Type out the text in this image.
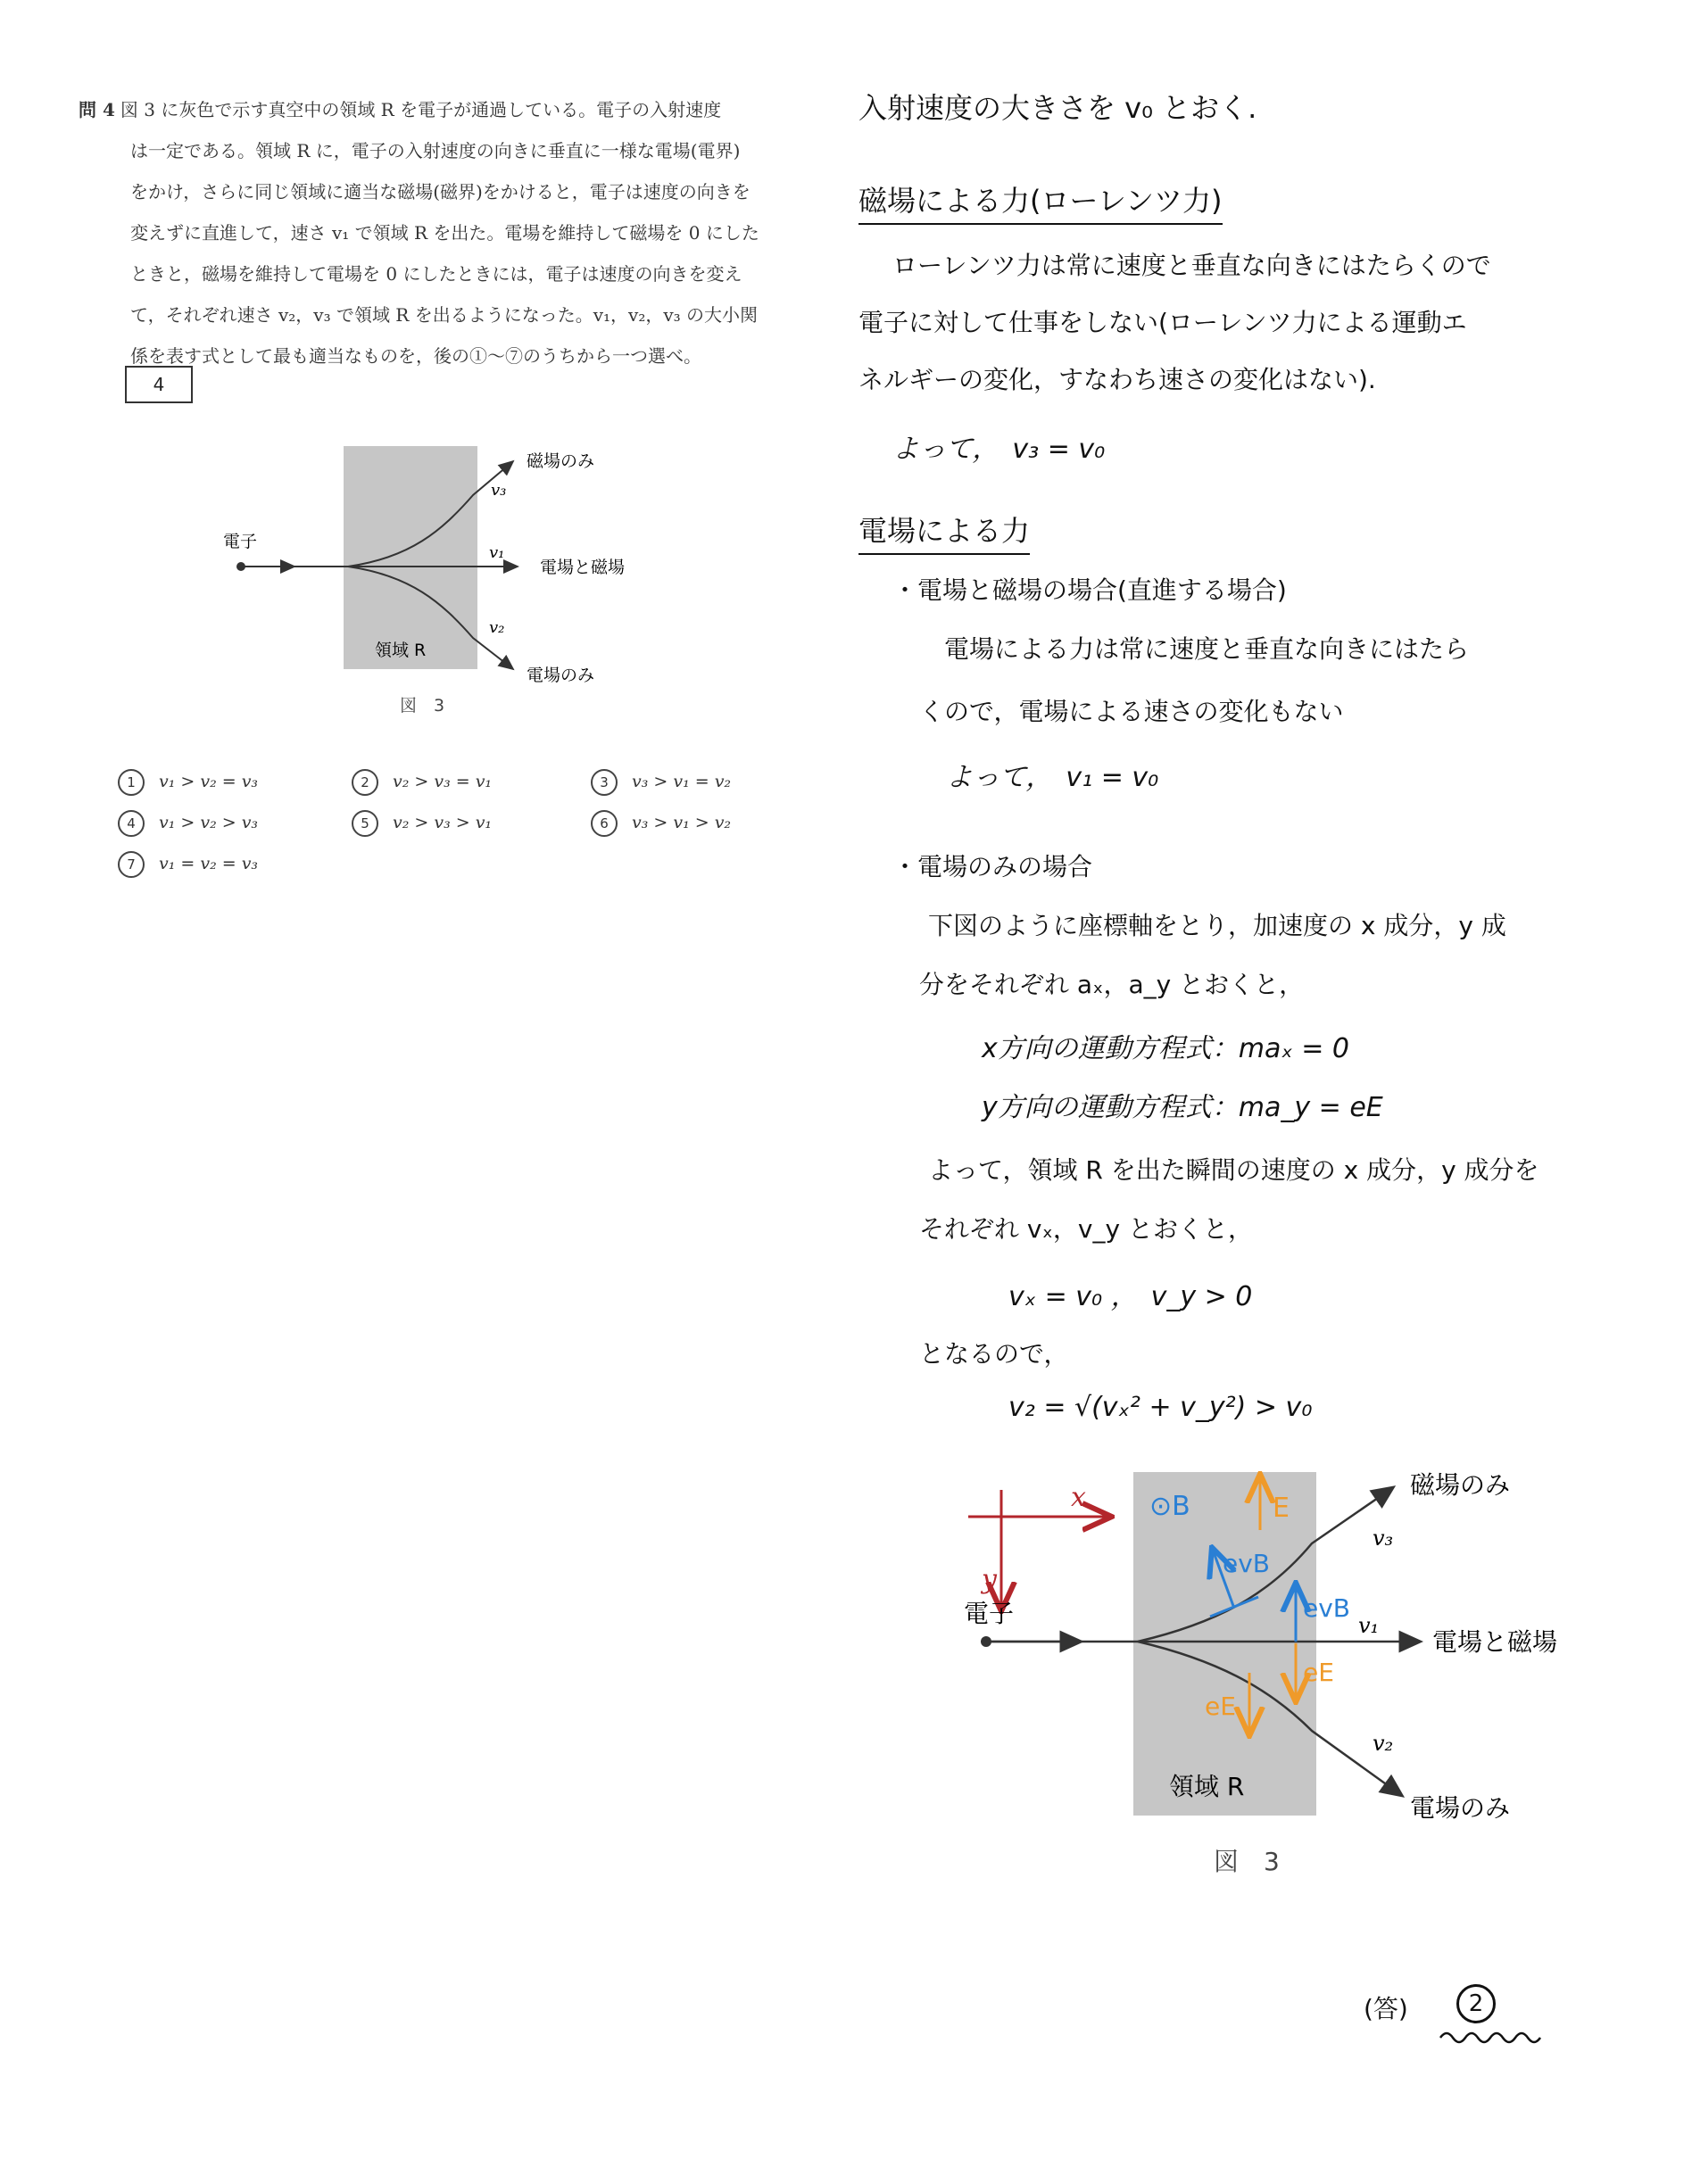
問 4 図 3 に灰色で示す真空中の領域 R を電子が通過している。電子の入射速度
は一定である。領域 R に，電子の入射速度の向きに垂直に一様な電場(電界)
をかけ，さらに同じ領域に適当な磁場(磁界)をかけると，電子は速度の向きを
変えずに直進して，速さ v₁ で領域 R を出た。電場を維持して磁場を 0 にした
ときと，磁場を維持して電場を 0 にしたときには，電子は速度の向きを変え
て，それぞれ速さ v₂，v₃ で領域 R を出るようになった。v₁，v₂，v₃ の大小関
係を表す式として最も適当なものを，後の①～⑦のうちから一つ選べ。
4
電子
磁場のみ
電場と磁場
電場のみ
v₃
v₁
v₂
領域 R
図　3
1 v₁ > v₂ = v₃	2 v₂ > v₃ = v₁	3 v₃ > v₁ = v₂
4 v₁ > v₂ > v₃	5 v₂ > v₃ > v₁	6 v₃ > v₁ > v₂
7 v₁ = v₂ = v₃
入射速度の大きさを v₀ とおく.
磁場による力(ローレンツ力)
ローレンツ力は常に速度と垂直な向きにはたらくので
電子に対して仕事をしない(ローレンツ力による運動エ
ネルギーの変化，すなわち速さの変化はない).
よって，　v₃ = v₀
電場による力
・電場と磁場の場合(直進する場合)
電場による力は常に速度と垂直な向きにはたら
くので，電場による速さの変化もない
よって，　v₁ = v₀
・電場のみの場合
下図のように座標軸をとり，加速度の x 成分，y 成
分をそれぞれ aₓ，a_y とおくと，
x方向の運動方程式：maₓ = 0
y方向の運動方程式：ma_y = eE
よって，領域 R を出た瞬間の速度の x 成分，y 成分を
それぞれ vₓ，v_y とおくと，
vₓ = v₀ ，　v_y > 0
となるので，
v₂ = √(vₓ² + v_y²) > v₀
x
y
⊙B	E
evB
evB
eE
eE
電子
磁場のみ
電場と磁場
電場のみ
v₃
v₁
v₂
領域 R
図　3
(答)	2
